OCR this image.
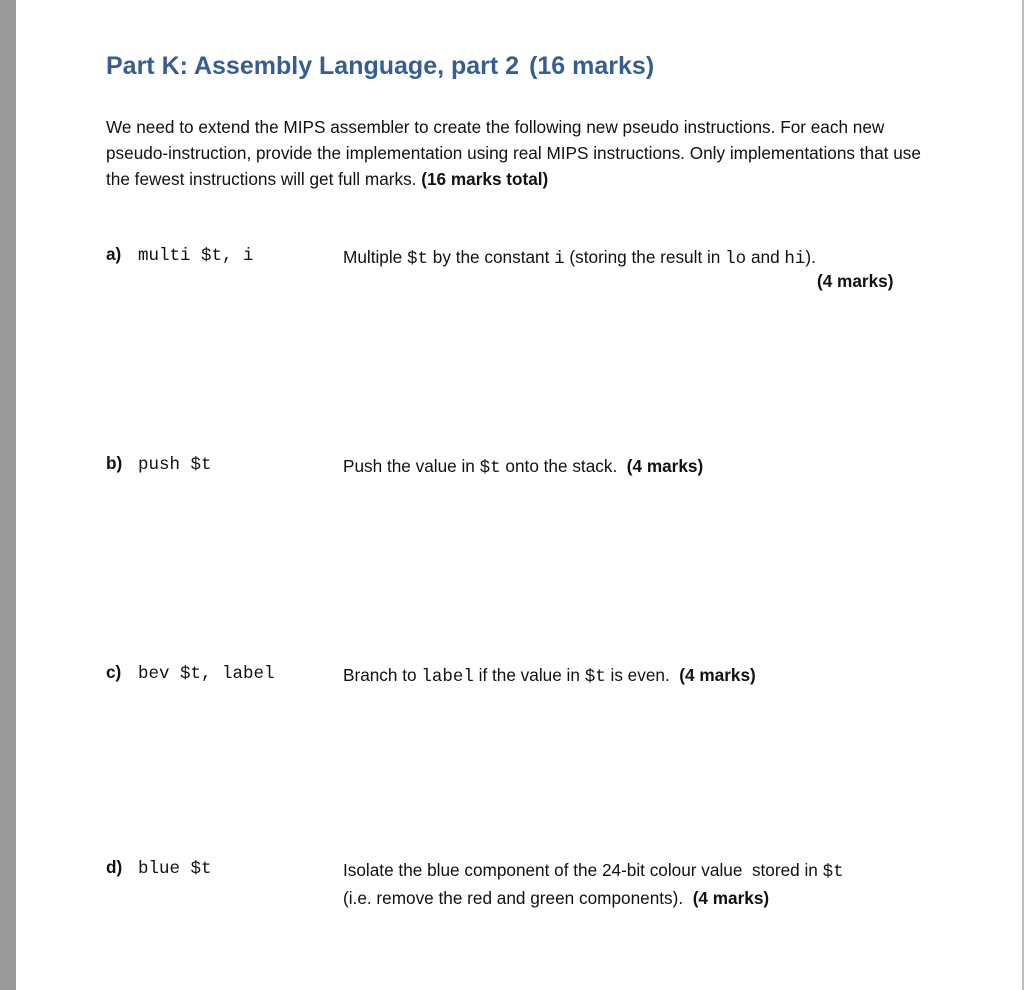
Part K: Assembly Language, part 2 (16 marks)
We need to extend the MIPS assembler to create the following new pseudo instructions. For each new pseudo-instruction, provide the implementation using real MIPS instructions. Only implementations that use the fewest instructions will get full marks. (16 marks total)
a) multi $t, i	Multiple $t by the constant i (storing the result in lo and hi).
(4 marks)
b) push $t	Push the value in $t onto the stack. (4 marks)
c) bev $t, label	Branch to label if the value in $t is even. (4 marks)
d) blue $t	Isolate the blue component of the 24-bit colour value  stored in $t
(i.e. remove the red and green components). (4 marks)
